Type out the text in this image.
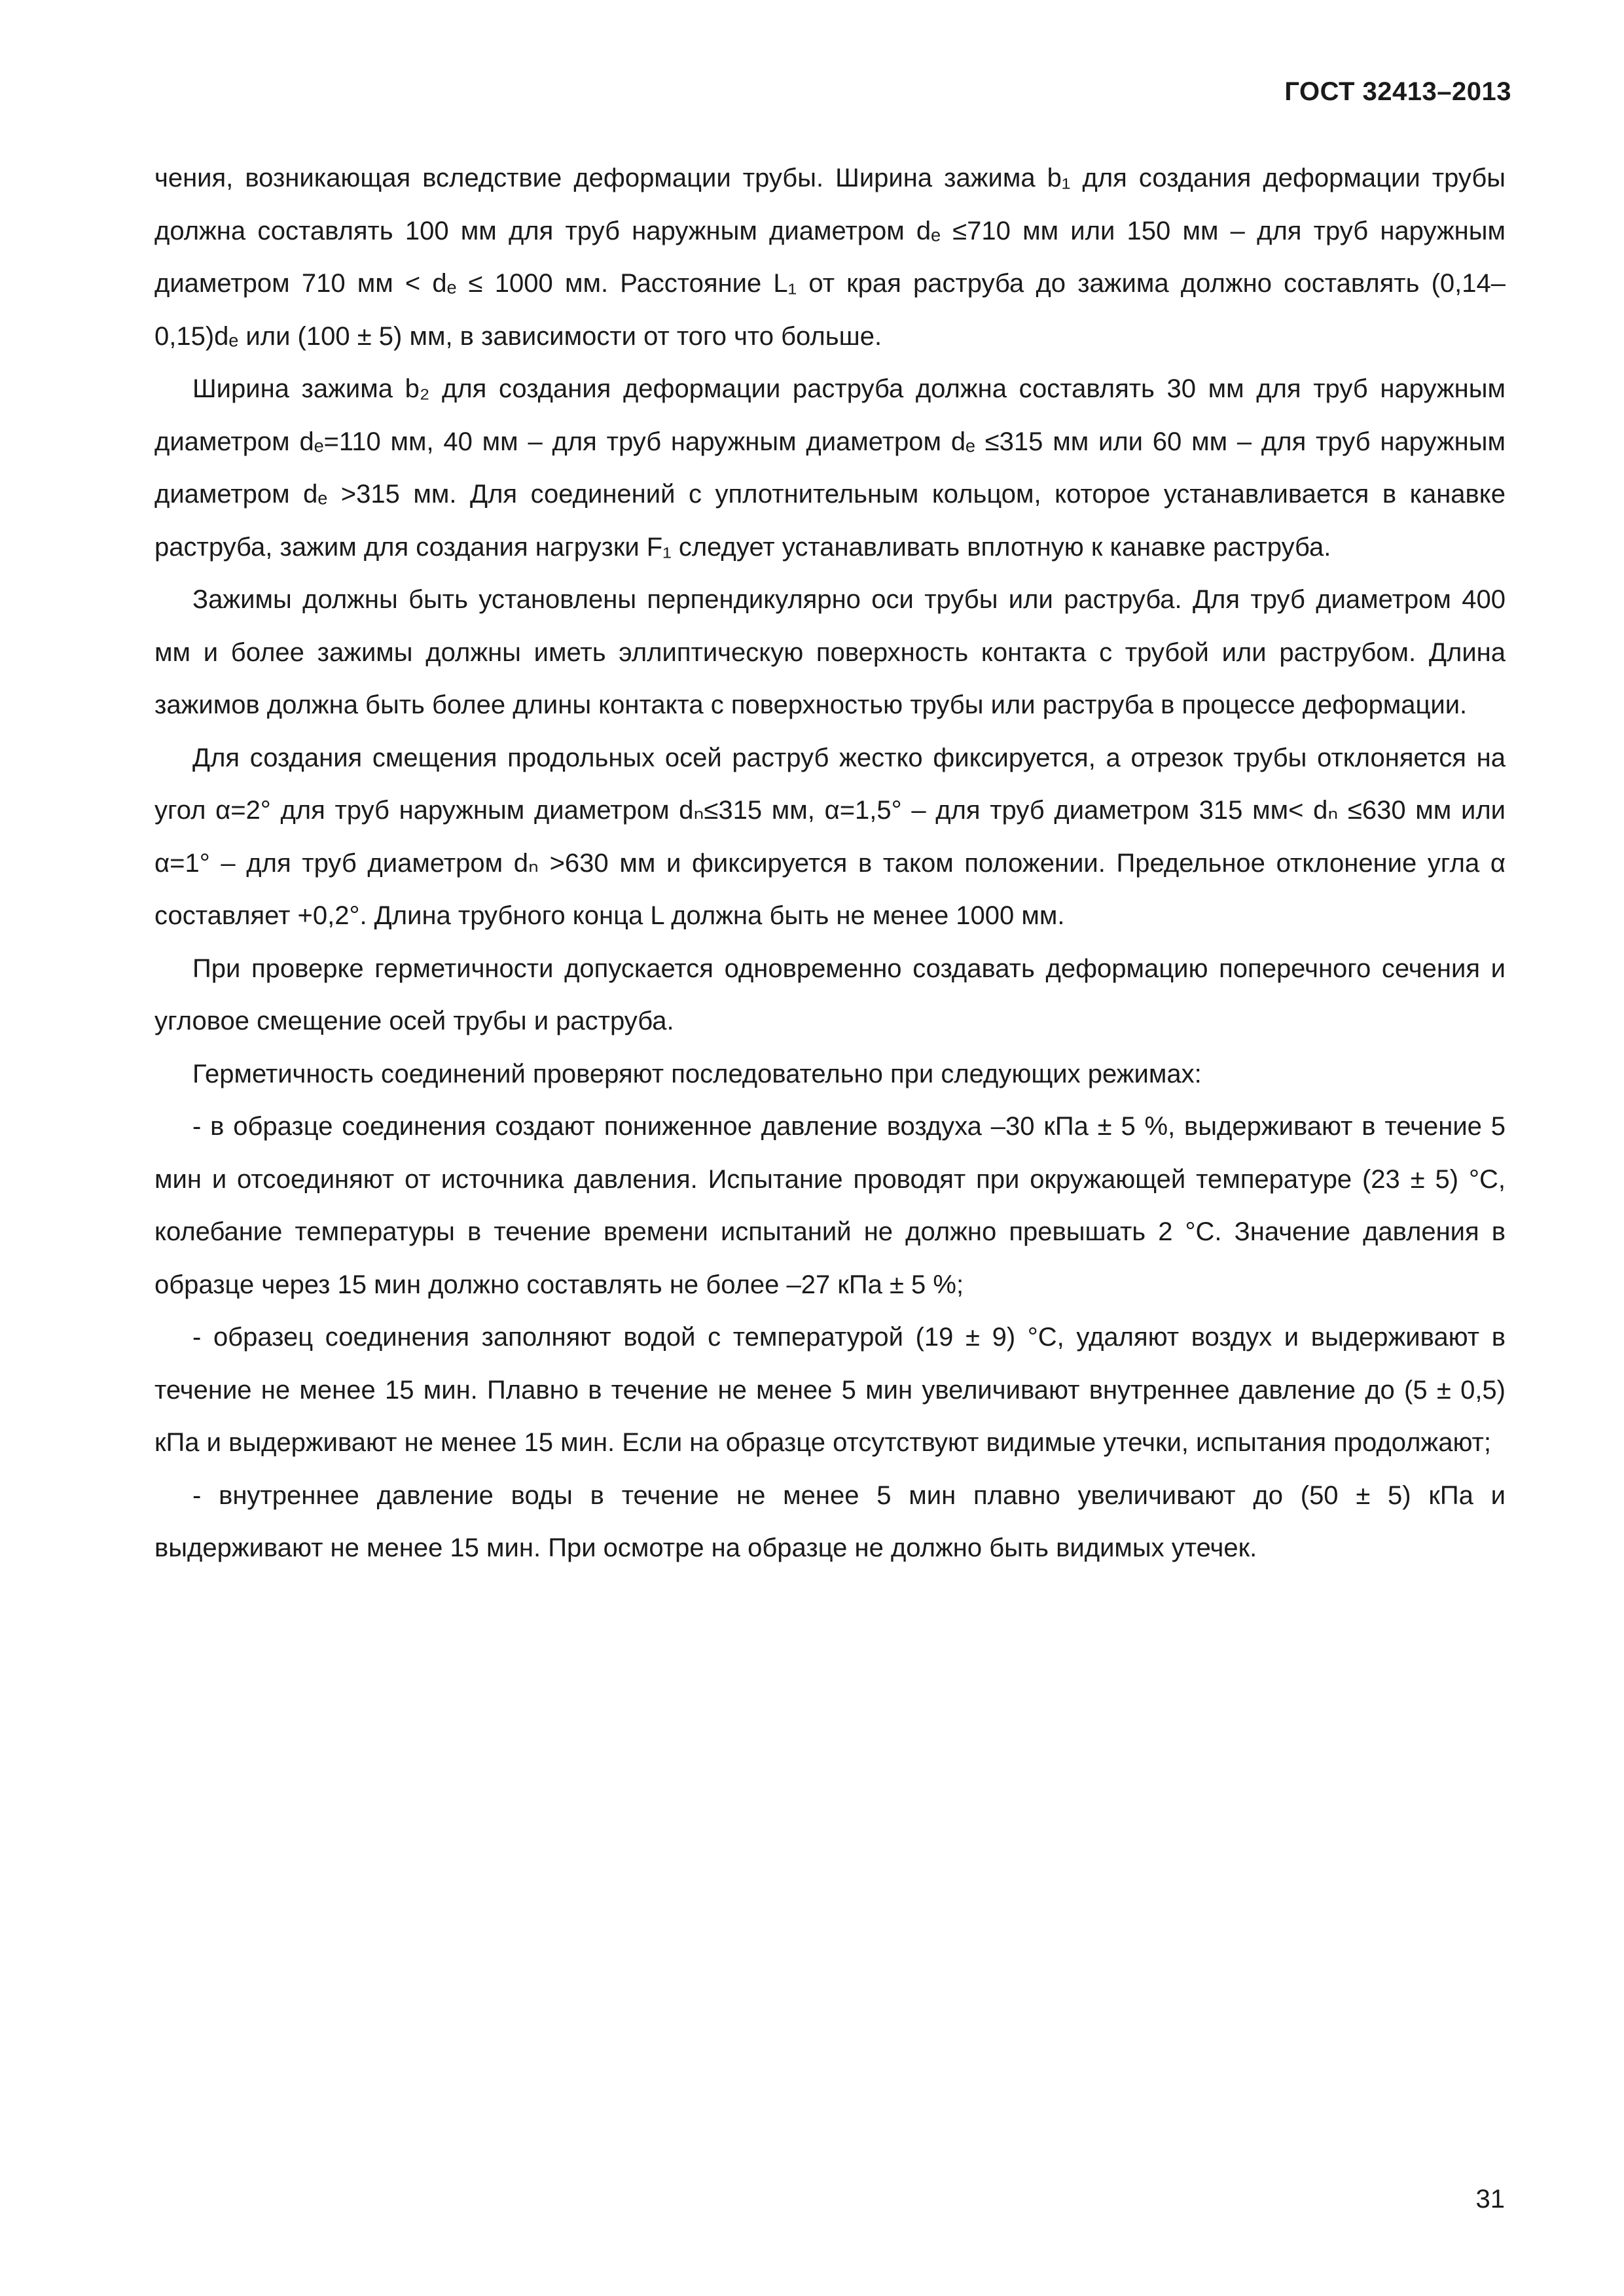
ГОСТ 32413–2013

чения, возникающая вследствие деформации трубы. Ширина зажима b₁ для создания деформации трубы должна составлять 100 мм для труб наружным диаметром dₑ ≤710 мм или 150 мм – для труб наружным диаметром 710 мм < dₑ ≤ 1000 мм. Расстояние L₁ от края раструба до зажима должно составлять (0,14–0,15)dₑ или (100 ± 5) мм, в зависимости от того что больше.

Ширина зажима b₂ для создания деформации раструба должна составлять 30 мм для труб наружным диаметром dₑ=110 мм, 40 мм – для труб наружным диаметром dₑ ≤315 мм или 60 мм – для труб наружным диаметром dₑ >315 мм. Для соединений с уплотнительным кольцом, которое устанавливается в канавке раструба, зажим для создания нагрузки F₁ следует устанавливать вплотную к канавке раструба.

Зажимы должны быть установлены перпендикулярно оси трубы или раструба. Для труб диаметром 400 мм и более зажимы должны иметь эллиптическую поверхность контакта с трубой или раструбом. Длина зажимов должна быть более длины контакта с поверхностью трубы или раструба в процессе деформации.

Для создания смещения продольных осей раструб жестко фиксируется, а отрезок трубы отклоняется на угол α=2° для труб наружным диаметром dₙ≤315 мм, α=1,5° – для труб диаметром 315 мм< dₙ ≤630 мм или α=1° – для труб диаметром dₙ >630 мм и фиксируется в таком положении. Предельное отклонение угла α составляет +0,2°. Длина трубного конца L должна быть не менее 1000 мм.

При проверке герметичности допускается одновременно создавать деформацию поперечного сечения и угловое смещение осей трубы и раструба.

Герметичность соединений проверяют последовательно при следующих режимах:

- в образце соединения создают пониженное давление воздуха –30 кПа ± 5 %, выдерживают в течение 5 мин и отсоединяют от источника давления. Испытание проводят при окружающей температуре (23 ± 5) °С, колебание температуры в течение времени испытаний не должно превышать 2 °С. Значение давления в образце через 15 мин должно составлять не более –27 кПа ± 5 %;

- образец соединения заполняют водой с температурой (19 ± 9) °С, удаляют воздух и выдерживают в течение не менее 15 мин. Плавно в течение не менее 5 мин увеличивают внутреннее давление до (5 ± 0,5) кПа и выдерживают не менее 15 мин. Если на образце отсутствуют видимые утечки, испытания продолжают;

- внутреннее давление воды в течение не менее 5 мин плавно увеличивают до (50 ± 5) кПа и выдерживают не менее 15 мин. При осмотре на образце не должно быть видимых утечек.

31
